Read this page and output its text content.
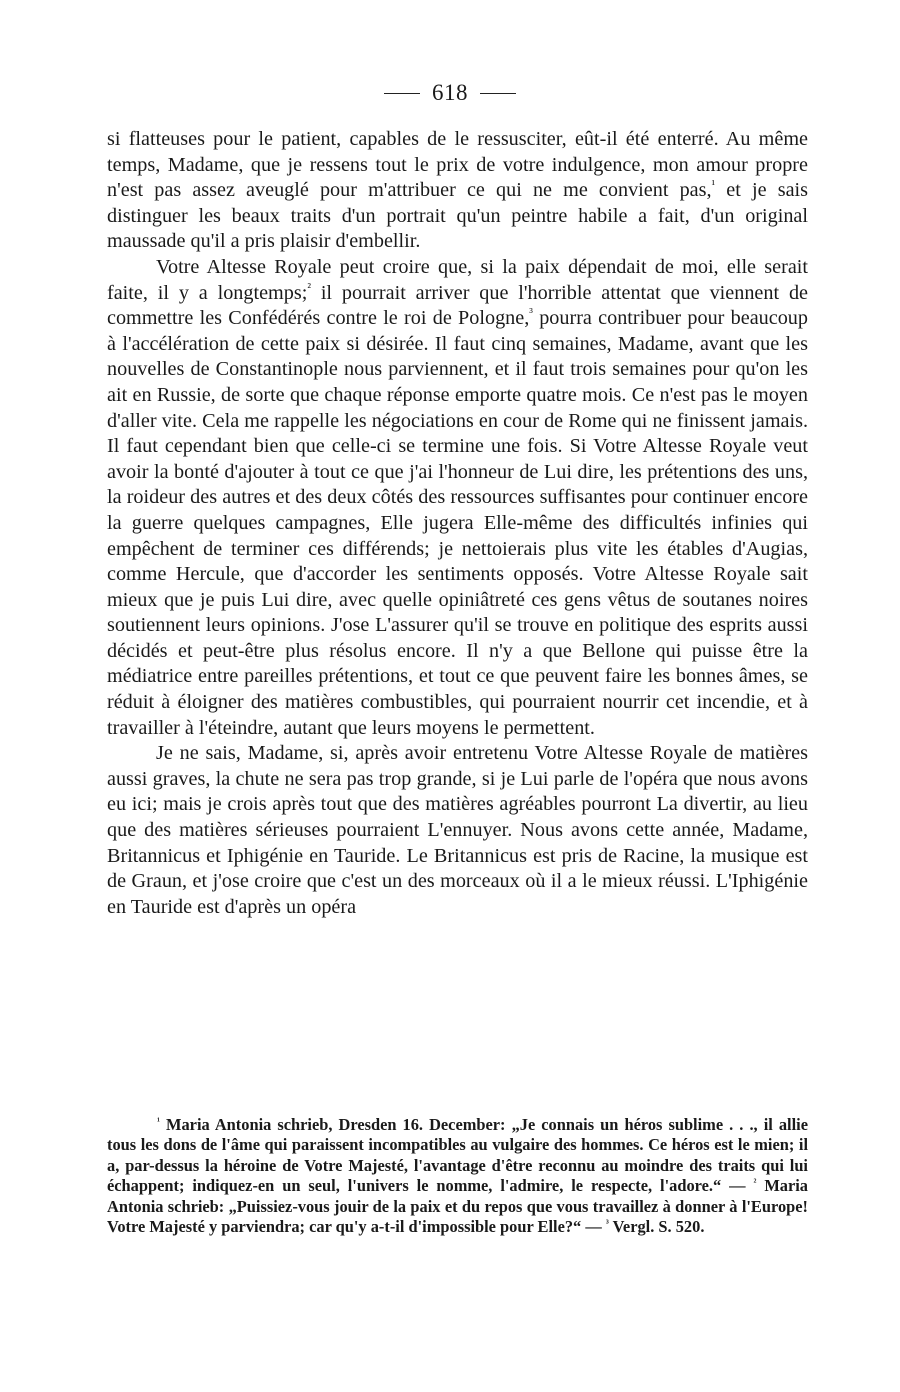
618

si flatteuses pour le patient, capables de le ressusciter, eût-il été enterré. Au même temps, Madame, que je ressens tout le prix de votre indulgence, mon amour propre n'est pas assez aveuglé pour m'attribuer ce qui ne me convient pas,$^{^1}$ et je sais distinguer les beaux traits d'un portrait qu'un peintre habile a fait, d'un original maussade qu'il a pris plaisir d'embellir.

Votre Altesse Royale peut croire que, si la paix dépendait de moi, elle serait faite, il y a longtemps;$^{^2}$ il pourrait arriver que l'horrible attentat que viennent de commettre les Confédérés contre le roi de Pologne,$^{^3}$ pourra contribuer pour beaucoup à l'accélération de cette paix si désirée. Il faut cinq semaines, Madame, avant que les nouvelles de Constantinople nous parviennent, et il faut trois semaines pour qu'on les ait en Russie, de sorte que chaque réponse emporte quatre mois. Ce n'est pas le moyen d'aller vite. Cela me rappelle les négociations en cour de Rome qui ne finissent jamais. Il faut cependant bien que celle-ci se termine une fois. Si Votre Altesse Royale veut avoir la bonté d'ajouter à tout ce que j'ai l'honneur de Lui dire, les prétentions des uns, la roideur des autres et des deux côtés des ressources suffisantes pour continuer encore la guerre quelques campagnes, Elle jugera Elle-même des difficultés infinies qui empêchent de terminer ces différends; je nettoierais plus vite les étables d'Augias, comme Hercule, que d'accorder les sentiments opposés. Votre Altesse Royale sait mieux que je puis Lui dire, avec quelle opiniâtreté ces gens vêtus de soutanes noires soutiennent leurs opinions. J'ose L'assurer qu'il se trouve en politique des esprits aussi décidés et peut-être plus résolus encore. Il n'y a que Bellone qui puisse être la médiatrice entre pareilles prétentions, et tout ce que peuvent faire les bonnes âmes, se réduit à éloigner des matières combustibles, qui pourraient nourrir cet incendie, et à travailler à l'éteindre, autant que leurs moyens le permettent.

Je ne sais, Madame, si, après avoir entretenu Votre Altesse Royale de matières aussi graves, la chute ne sera pas trop grande, si je Lui parle de l'opéra que nous avons eu ici; mais je crois après tout que des matières agréables pourront La divertir, au lieu que des matières sérieuses pourraient L'ennuyer. Nous avons cette année, Madame, Britannicus et Iphigénie en Tauride. Le Britannicus est pris de Racine, la musique est de Graun, et j'ose croire que c'est un des morceaux où il a le mieux réussi. L'Iphigénie en Tauride est d'après un opéra

$^{^1}$ Maria Antonia schrieb, Dresden 16. December: „Je connais un héros sublime . . ., il allie tous les dons de l'âme qui paraissent incompatibles au vulgaire des hommes. Ce héros est le mien; il a, par-dessus la héroine de Votre Majesté, l'avantage d'être reconnu au moindre des traits qui lui échappent; indiquez-en un seul, l'univers le nomme, l'admire, le respecte, l'adore.“ — $^{^2}$ Maria Antonia schrieb: „Puissiez-vous jouir de la paix et du repos que vous travaillez à donner à l'Europe! Votre Majesté y parviendra; car qu'y a-t-il d'impossible pour Elle?“ — $^{^3}$ Vergl. S. 520.
